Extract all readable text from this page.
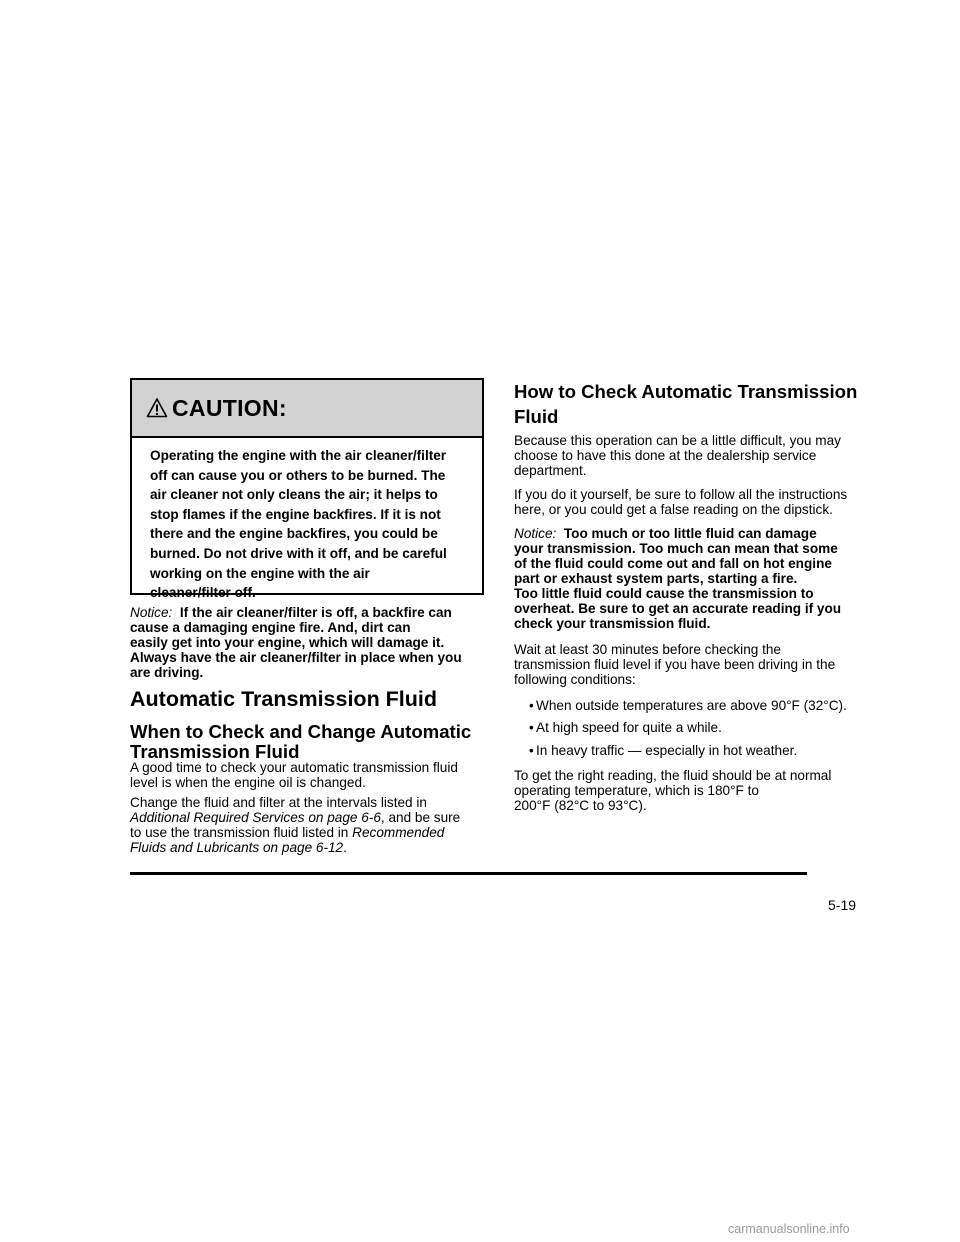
CAUTION:
Operating the engine with the air cleaner/filter
off can cause you or others to be burned. The
air cleaner not only cleans the air; it helps to
stop flames if the engine backfires. If it is not
there and the engine backfires, you could be
burned. Do not drive with it off, and be careful
working on the engine with the air
cleaner/filter off.
Notice: If the air cleaner/filter is off, a backfire can
cause a damaging engine fire. And, dirt can
easily get into your engine, which will damage it.
Always have the air cleaner/filter in place when you
are driving.
Automatic Transmission Fluid
When to Check and Change Automatic
Transmission Fluid
A good time to check your automatic transmission fluid
level is when the engine oil is changed.
Change the fluid and filter at the intervals listed in
Additional Required Services on page 6-6, and be sure
to use the transmission fluid listed in Recommended
Fluids and Lubricants on page 6-12.
How to Check Automatic Transmission
Fluid
Because this operation can be a little difficult, you may
choose to have this done at the dealership service
department.
If you do it yourself, be sure to follow all the instructions
here, or you could get a false reading on the dipstick.
Notice: Too much or too little fluid can damage
your transmission. Too much can mean that some
of the fluid could come out and fall on hot engine
part or exhaust system parts, starting a fire.
Too little fluid could cause the transmission to
overheat. Be sure to get an accurate reading if you
check your transmission fluid.
Wait at least 30 minutes before checking the
transmission fluid level if you have been driving in the
following conditions:
• When outside temperatures are above 90°F (32°C).
• At high speed for quite a while.
• In heavy traffic — especially in hot weather.
To get the right reading, the fluid should be at normal
operating temperature, which is 180°F to
200°F (82°C to 93°C).
5-19
carmanualsonline.info
